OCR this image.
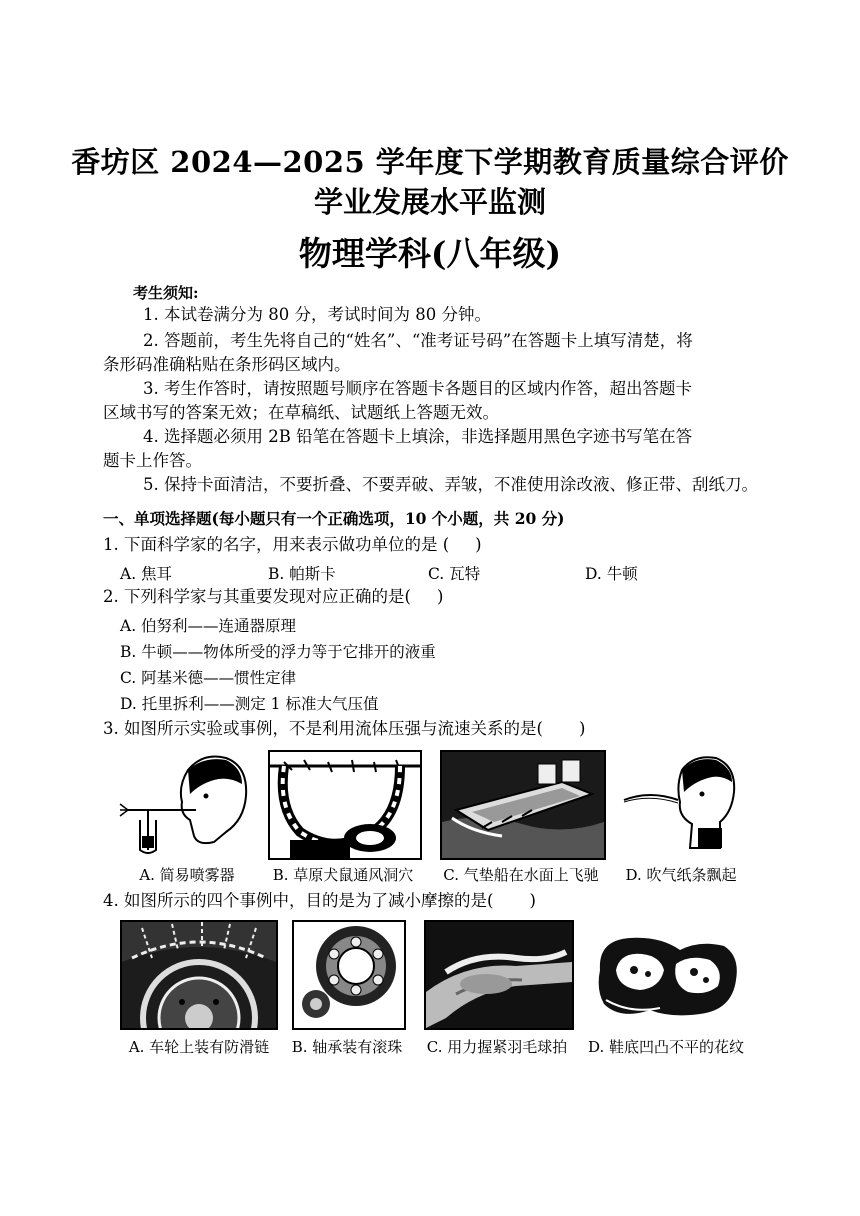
香坊区 2024—2025 学年度下学期教育质量综合评价
学业发展水平监测
物理学科(八年级)
考生须知:
1. 本试卷满分为 80 分，考试时间为 80 分钟。
2. 答题前，考生先将自己的“姓名”、“准考证号码”在答题卡上填写清楚，将
条形码准确粘贴在条形码区域内。
3. 考生作答时，请按照题号顺序在答题卡各题目的区域内作答，超出答题卡
区域书写的答案无效；在草稿纸、试题纸上答题无效。
4. 选择题必须用 2B 铅笔在答题卡上填涂，非选择题用黑色字迹书写笔在答
题卡上作答。
5. 保持卡面清洁，不要折叠、不要弄破、弄皱，不准使用涂改液、修正带、刮纸刀。
一、单项选择题(每小题只有一个正确选项，10 个小题，共 20 分)
1. 下面科学家的名字，用来表示做功单位的是 ( )
A. 焦耳	B. 帕斯卡	C. 瓦特	D. 牛顿
2. 下列科学家与其重要发现对应正确的是( )
A. 伯努利——连通器原理
B. 牛顿——物体所受的浮力等于它排开的液重
C. 阿基米德——惯性定律
D. 托里拆利——测定 1 标准大气压值
3. 如图所示实验或事例，不是利用流体压强与流速关系的是( )
A. 简易喷雾器	B. 草原犬鼠通风洞穴	C. 气垫船在水面上飞驰	D. 吹气纸条飘起
4. 如图所示的四个事例中，目的是为了减小摩擦的是( )
A. 车轮上装有防滑链	B. 轴承装有滚珠	C. 用力握紧羽毛球拍	D. 鞋底凹凸不平的花纹
